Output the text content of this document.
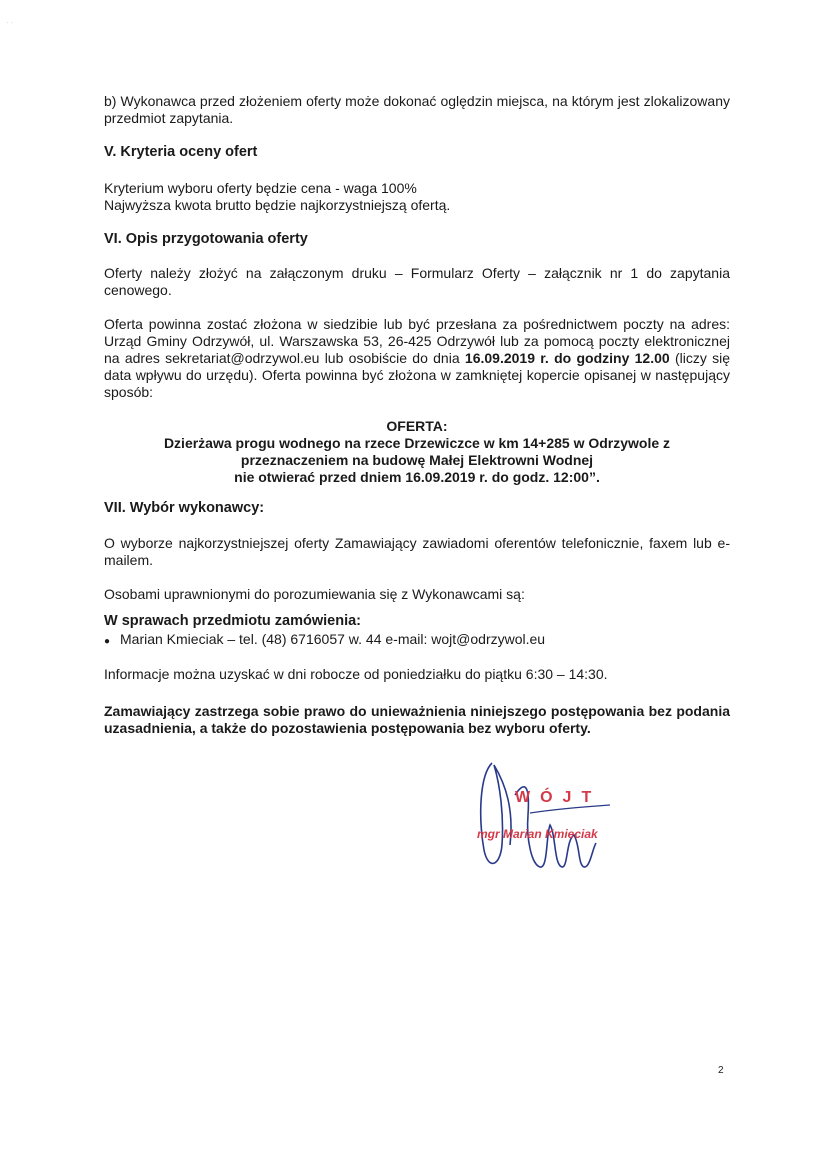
· ·
b) Wykonawca przed złożeniem oferty może dokonać oględzin miejsca, na którym jest zlokalizowany przedmiot zapytania.
V. Kryteria oceny ofert
Kryterium wyboru oferty będzie cena - waga 100%
Najwyższa kwota brutto będzie najkorzystniejszą ofertą.
VI. Opis przygotowania oferty
Oferty należy złożyć na załączonym druku – Formularz Oferty – załącznik nr 1 do zapytania cenowego.
Oferta powinna zostać złożona w siedzibie lub być przesłana za pośrednictwem poczty na adres: Urząd Gminy Odrzywół, ul. Warszawska 53, 26-425 Odrzywół lub za pomocą poczty elektronicznej na adres sekretariat@odrzywol.eu lub osobiście do dnia 16.09.2019 r. do godziny 12.00 (liczy się data wpływu do urzędu). Oferta powinna być złożona w zamkniętej kopercie opisanej w następujący sposób:
OFERTA:
Dzierżawa progu wodnego na rzece Drzewiczce w km 14+285 w Odrzywole z
przeznaczeniem na budowę Małej Elektrowni Wodnej
nie otwierać przed dniem 16.09.2019 r. do godz. 12:00”.
VII. Wybór wykonawcy:
O wyborze najkorzystniejszej oferty Zamawiający zawiadomi oferentów telefonicznie, faxem lub e-mailem.
Osobami uprawnionymi do porozumiewania się z Wykonawcami są:
W sprawach przedmiotu zamówienia:
● Marian Kmieciak – tel. (48) 6716057 w. 44 e-mail: wojt@odrzywol.eu
Informacje można uzyskać w dni robocze od poniedziałku do piątku 6:30 – 14:30.
Zamawiający zastrzega sobie prawo do unieważnienia niniejszego postępowania bez podania uzasadnienia, a także do pozostawienia postępowania bez wyboru oferty.
WÓJT
mgr Marian Kmieciak
2
